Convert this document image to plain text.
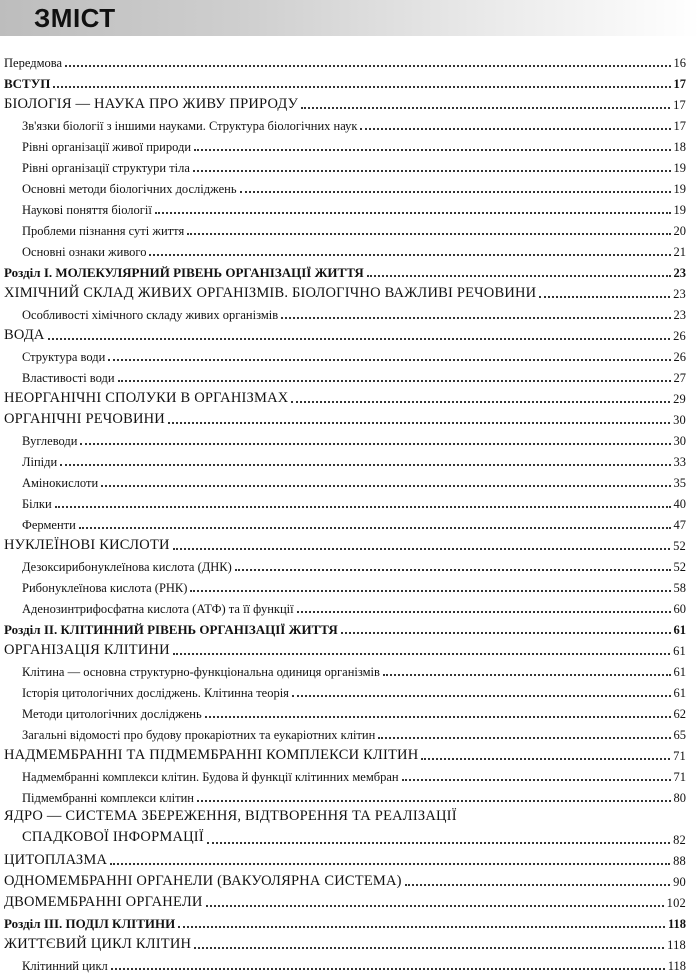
ЗМІСТ
Передмова	16
ВСТУП	17
БІОЛОГІЯ — НАУКА ПРО ЖИВУ ПРИРОДУ	17
Зв'язки біології з іншими науками. Структура біологічних наук	17
Рівні організації живої природи	18
Рівні організації структури тіла	19
Основні методи біологічних досліджень	19
Наукові поняття біології	19
Проблеми пізнання суті життя	20
Основні ознаки живого	21
Розділ І. МОЛЕКУЛЯРНИЙ РІВЕНЬ ОРГАНІЗАЦІЇ ЖИТТЯ	23
ХІМІЧНИЙ СКЛАД ЖИВИХ ОРГАНІЗМІВ. БІОЛОГІЧНО ВАЖЛИВІ РЕЧОВИНИ	23
Особливості хімічного складу живих організмів	23
ВОДА	26
Структура води	26
Властивості води	27
НЕОРГАНІЧНІ СПОЛУКИ В ОРГАНІЗМАХ	29
ОРГАНІЧНІ РЕЧОВИНИ	30
Вуглеводи	30
Ліпіди	33
Амінокислоти	35
Білки	40
Ферменти	47
НУКЛЕЇНОВІ КИСЛОТИ	52
Дезоксирибонуклеїнова кислота (ДНК)	52
Рибонуклеїнова кислота (РНК)	58
Аденозинтрифосфатна кислота (АТФ) та її функції	60
Розділ ІІ. КЛІТИННИЙ РІВЕНЬ ОРГАНІЗАЦІЇ ЖИТТЯ	61
ОРГАНІЗАЦІЯ КЛІТИНИ	61
Клітина — основна структурно-функціональна одиниця організмів	61
Історія цитологічних досліджень. Клітинна теорія	61
Методи цитологічних досліджень	62
Загальні відомості про будову прокаріотних та еукаріотних клітин	65
НАДМЕМБРАННІ ТА ПІДМЕМБРАННІ КОМПЛЕКСИ КЛІТИН	71
Надмембранні комплекси клітин. Будова й функції клітинних мембран	71
Підмембранні комплекси клітин	80
ЯДРО — СИСТЕМА ЗБЕРЕЖЕННЯ, ВІДТВОРЕННЯ ТА РЕАЛІЗАЦІЇ
СПАДКОВОЇ ІНФОРМАЦІЇ	82
ЦИТОПЛАЗМА	88
ОДНОМЕМБРАННІ ОРГАНЕЛИ (ВАКУОЛЯРНА СИСТЕМА)	90
ДВОМЕМБРАННІ ОРГАНЕЛИ	102
Розділ ІІІ. ПОДІЛ КЛІТИНИ	118
ЖИТТЄВИЙ ЦИКЛ КЛІТИН	118
Клітинний цикл	118
